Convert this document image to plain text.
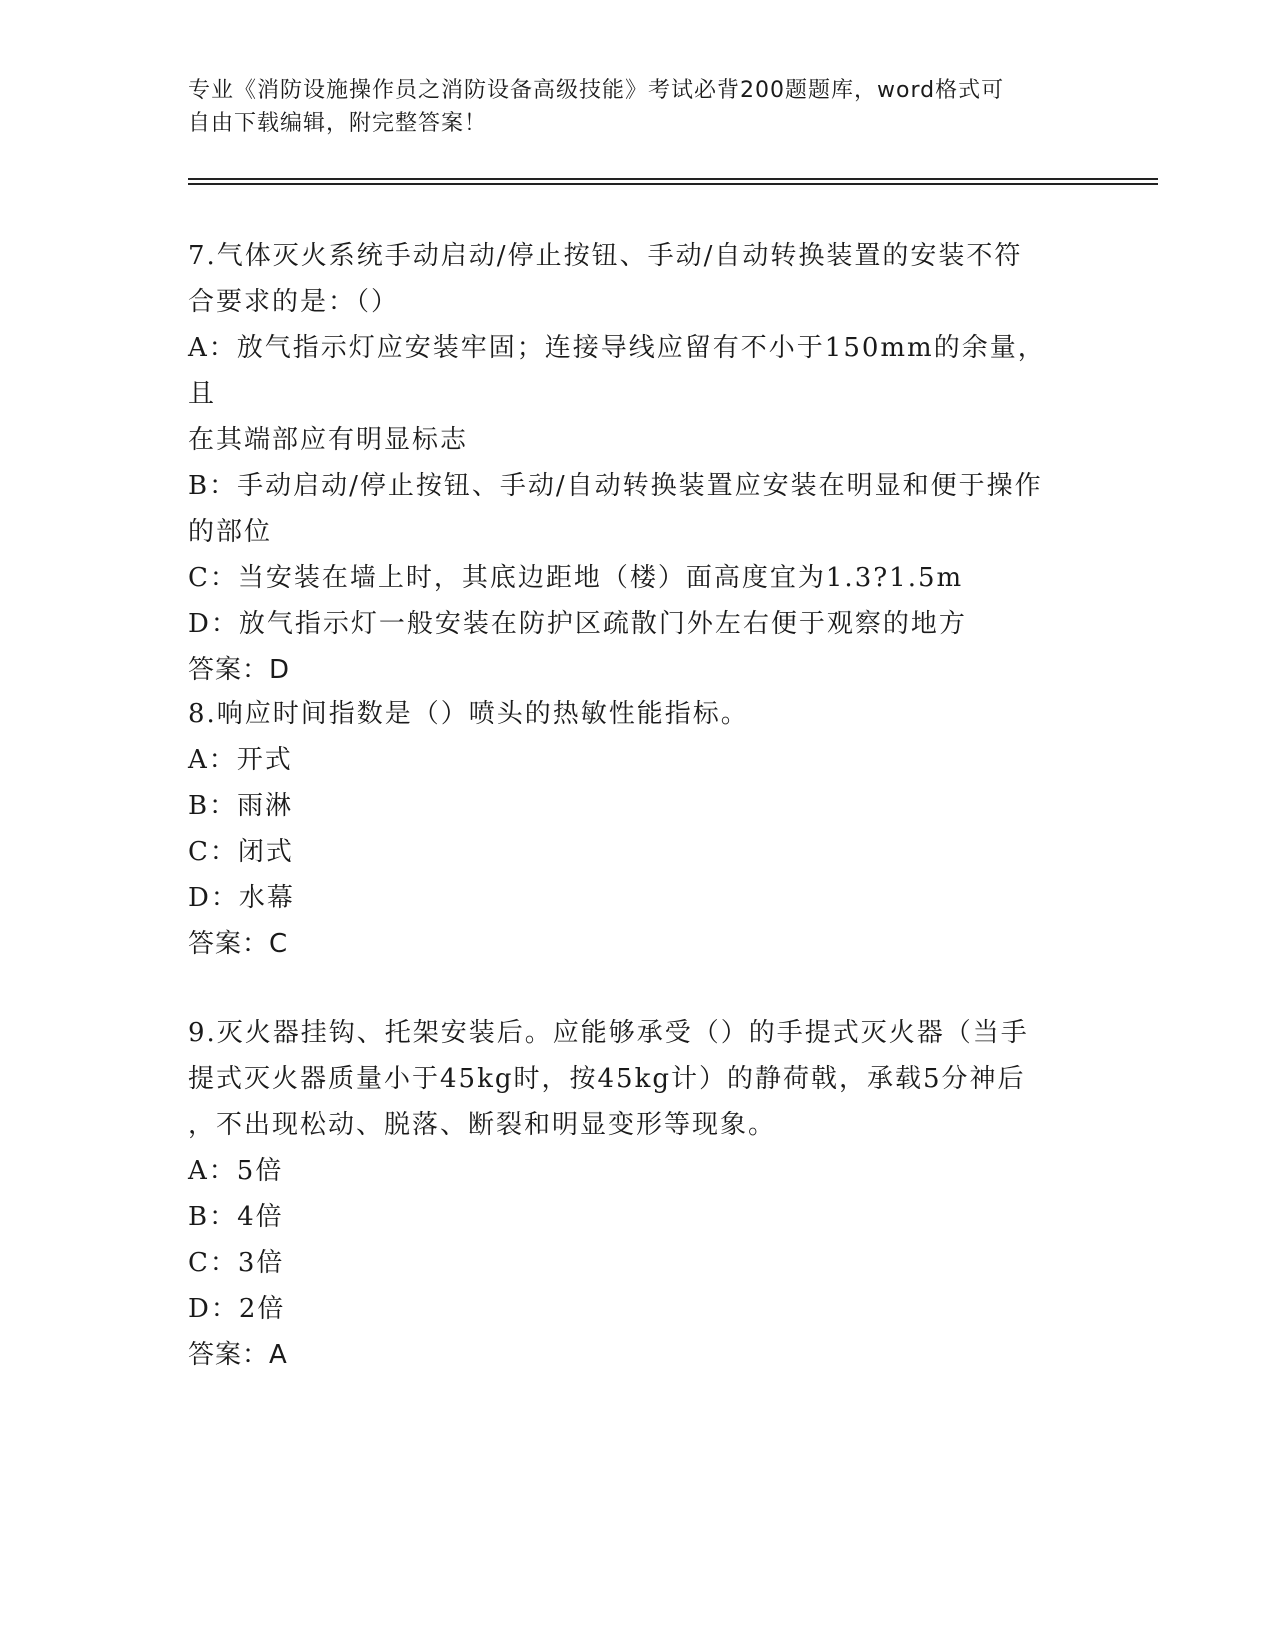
专业《消防设施操作员之消防设备高级技能》考试必背200题题库，word格式可
自由下载编辑，附完整答案！

7.气体灭火系统手动启动/停止按钮、手动/自动转换装置的安装不符

合要求的是：（）

A：放气指示灯应安装牢固；连接导线应留有不小于150mm的余量，且

在其端部应有明显标志

B：手动启动/停止按钮、手动/自动转换装置应安装在明显和便于操作

的部位

C：当安装在墙上时，其底边距地（楼）面高度宜为1.3?1.5m

D：放气指示灯一般安装在防护区疏散门外左右便于观察的地方

答案：D

8.响应时间指数是（）喷头的热敏性能指标。

A：开式

B：雨淋

C：闭式

D：水幕

答案：C

9.灭火器挂钩、托架安装后。应能够承受（）的手提式灭火器（当手

提式灭火器质量小于45kg时，按45kg计）的静荷戟，承载5分神后

，不出现松动、脱落、断裂和明显变形等现象。

A：5倍

B：4倍

C：3倍

D：2倍

答案：A
